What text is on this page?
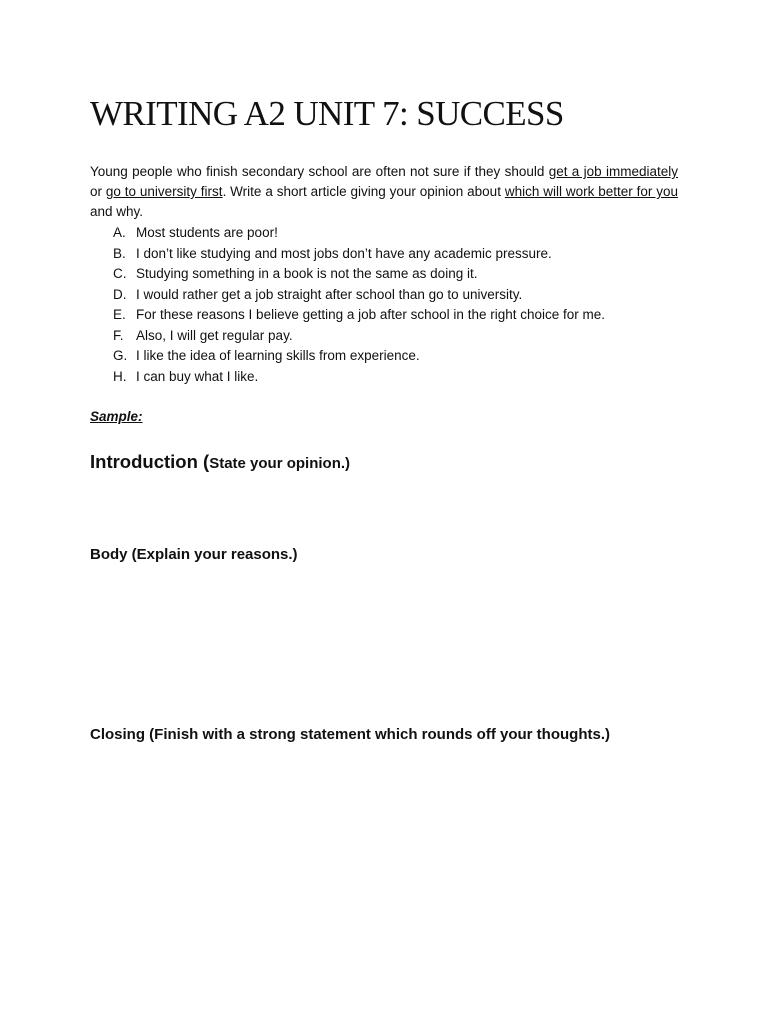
WRITING A2 UNIT 7: SUCCESS

Young people who finish secondary school are often not sure if they should get a job immediately or go to university first. Write a short article giving your opinion about which will work better for you and why.

A. Most students are poor!
B. I don’t like studying and most jobs don’t have any academic pressure.
C. Studying something in a book is not the same as doing it.
D. I would rather get a job straight after school than go to university.
E. For these reasons I believe getting a job after school in the right choice for me.
F. Also, I will get regular pay.
G. I like the idea of learning skills from experience.
H. I can buy what I like.
Sample:
Introduction (State your opinion.)
Body (Explain your reasons.)
Closing (Finish with a strong statement which rounds off your thoughts.)
